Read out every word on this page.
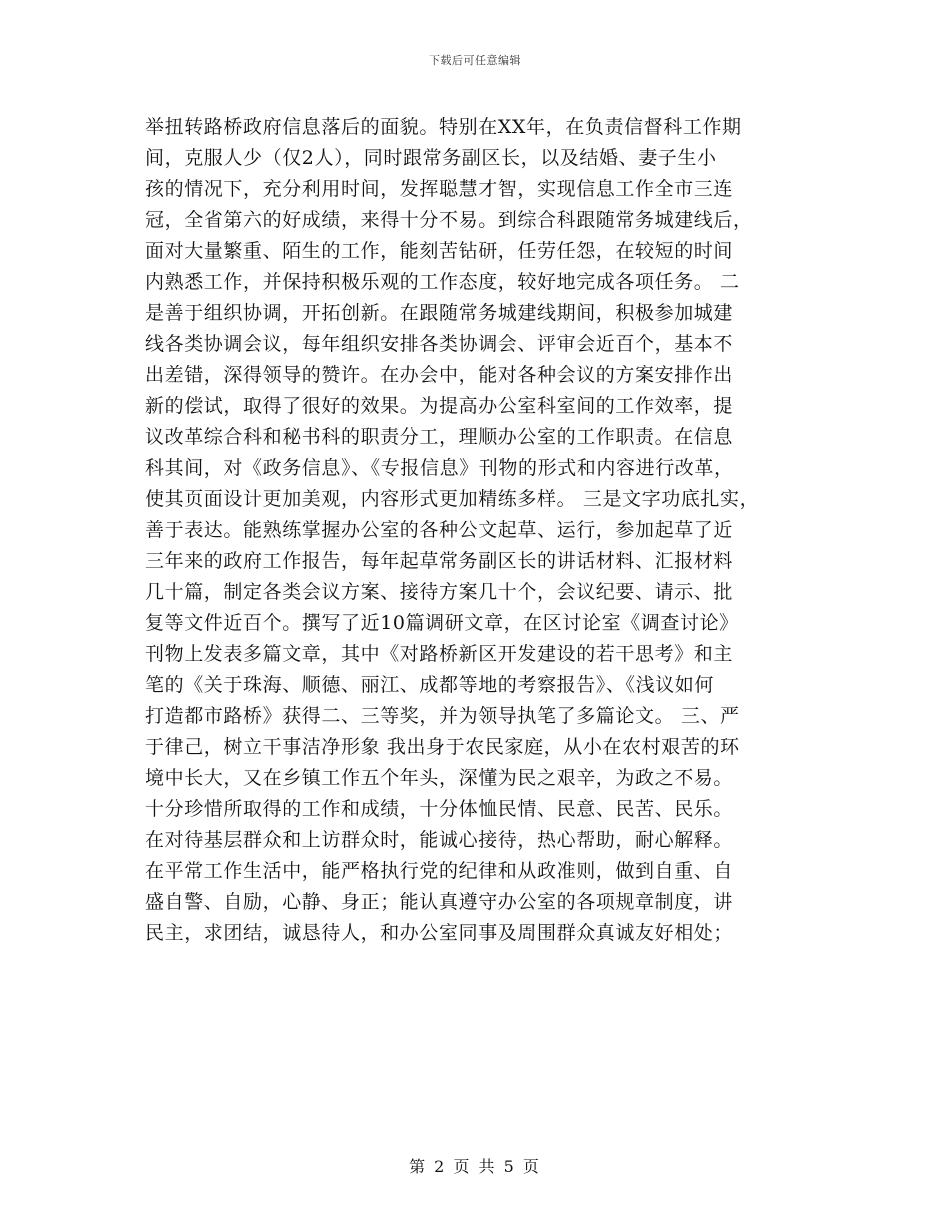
下载后可任意编辑
举扭转路桥政府信息落后的面貌。特别在XX年，在负责信督科工作期
间，克服人少（仅2人），同时跟常务副区长，以及结婚、妻子生小
孩的情况下，充分利用时间，发挥聪慧才智，实现信息工作全市三连
冠，全省第六的好成绩，来得十分不易。到综合科跟随常务城建线后，
面对大量繁重、陌生的工作，能刻苦钻研，任劳任怨，在较短的时间
内熟悉工作，并保持积极乐观的工作态度，较好地完成各项任务。 二
是善于组织协调，开拓创新。在跟随常务城建线期间，积极参加城建
线各类协调会议，每年组织安排各类协调会、评审会近百个，基本不
出差错，深得领导的赞许。在办会中，能对各种会议的方案安排作出
新的偿试，取得了很好的效果。为提高办公室科室间的工作效率，提
议改革综合科和秘书科的职责分工，理顺办公室的工作职责。在信息
科其间，对《政务信息》、《专报信息》刊物的形式和内容进行改革，
使其页面设计更加美观，内容形式更加精练多样。 三是文字功底扎实，
善于表达。能熟练掌握办公室的各种公文起草、运行，参加起草了近
三年来的政府工作报告，每年起草常务副区长的讲话材料、汇报材料
几十篇，制定各类会议方案、接待方案几十个，会议纪要、请示、批
复等文件近百个。撰写了近10篇调研文章，在区讨论室《调查讨论》
刊物上发表多篇文章，其中《对路桥新区开发建设的若干思考》和主
笔的《关于珠海、顺德、丽江、成都等地的考察报告》、《浅议如何
打造都市路桥》获得二、三等奖，并为领导执笔了多篇论文。 三、严
于律己，树立干事洁净形象 我出身于农民家庭，从小在农村艰苦的环
境中长大，又在乡镇工作五个年头，深懂为民之艰辛，为政之不易。
十分珍惜所取得的工作和成绩，十分体恤民情、民意、民苦、民乐。
在对待基层群众和上访群众时，能诚心接待，热心帮助，耐心解释。
在平常工作生活中，能严格执行党的纪律和从政准则，做到自重、自
盛自警、自励，心静、身正；能认真遵守办公室的各项规章制度，讲
民主，求团结，诚恳待人，和办公室同事及周围群众真诚友好相处；
第 2 页 共 5 页
